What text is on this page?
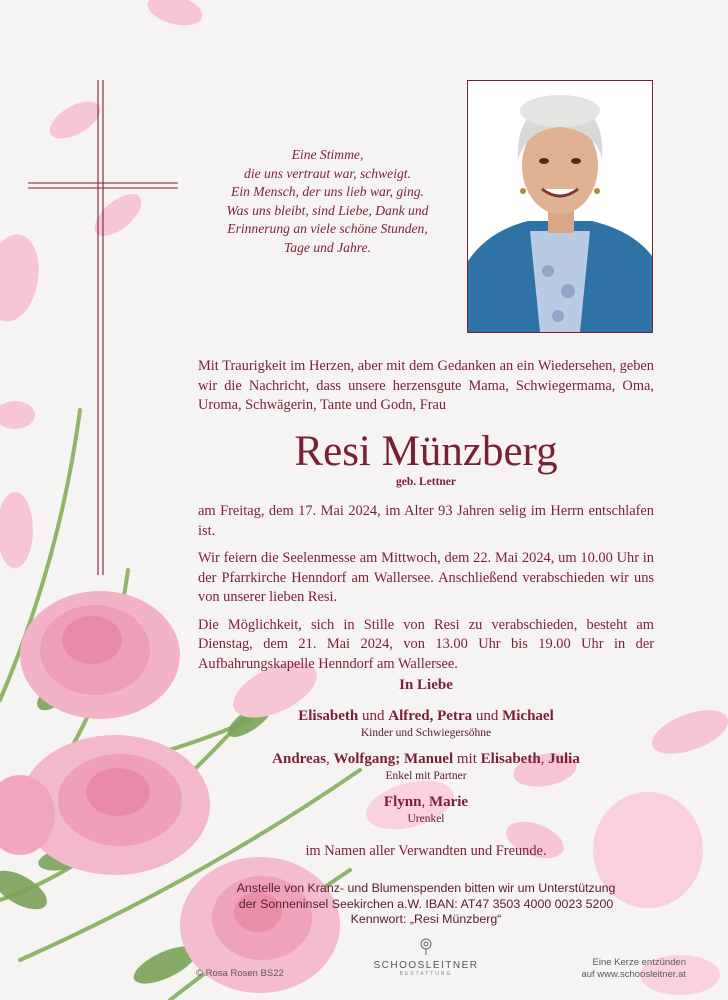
Eine Stimme,
die uns vertraut war, schweigt.
Ein Mensch, der uns lieb war, ging.
Was uns bleibt, sind Liebe, Dank und
Erinnerung an viele schöne Stunden,
Tage und Jahre.
Mit Traurigkeit im Herzen, aber mit dem Gedanken an ein Wiedersehen, geben wir die Nachricht, dass unsere herzensgute Mama, Schwiegermama, Oma, Uroma, Schwägerin, Tante und Godn, Frau
Resi Münzberg
geb. Lettner

am Freitag, dem 17. Mai 2024, im Alter 93 Jahren selig im Herrn entschlafen ist.

Wir feiern die Seelenmesse am Mittwoch, dem 22. Mai 2024, um 10.00 Uhr in der Pfarrkirche Henndorf am Wallersee. Anschließend verabschieden wir uns von unserer lieben Resi.

Die Möglichkeit, sich in Stille von Resi zu verabschieden, besteht am Dienstag, dem 21. Mai 2024, von 13.00 Uhr bis 19.00 Uhr in der Aufbahrungskapelle Henndorf am Wallersee.

In Liebe
Elisabeth und Alfred, Petra und Michael
Kinder und Schwiegersöhne
Andreas, Wolfgang; Manuel mit Elisabeth, Julia
Enkel mit Partner
Flynn, Marie
Urenkel
im Namen aller Verwandten und Freunde.
Anstelle von Kranz- und Blumenspenden bitten wir um Unterstützung
der Sonneninsel Seekirchen a.W. IBAN: AT47 3503 4000 0023 5200
Kennwort: „Resi Münzberg“
SCHOOSLEITNER
BESTATTUNG
© Rosa Rosen BS22
Eine Kerze entzünden
auf www.schoosleitner.at
